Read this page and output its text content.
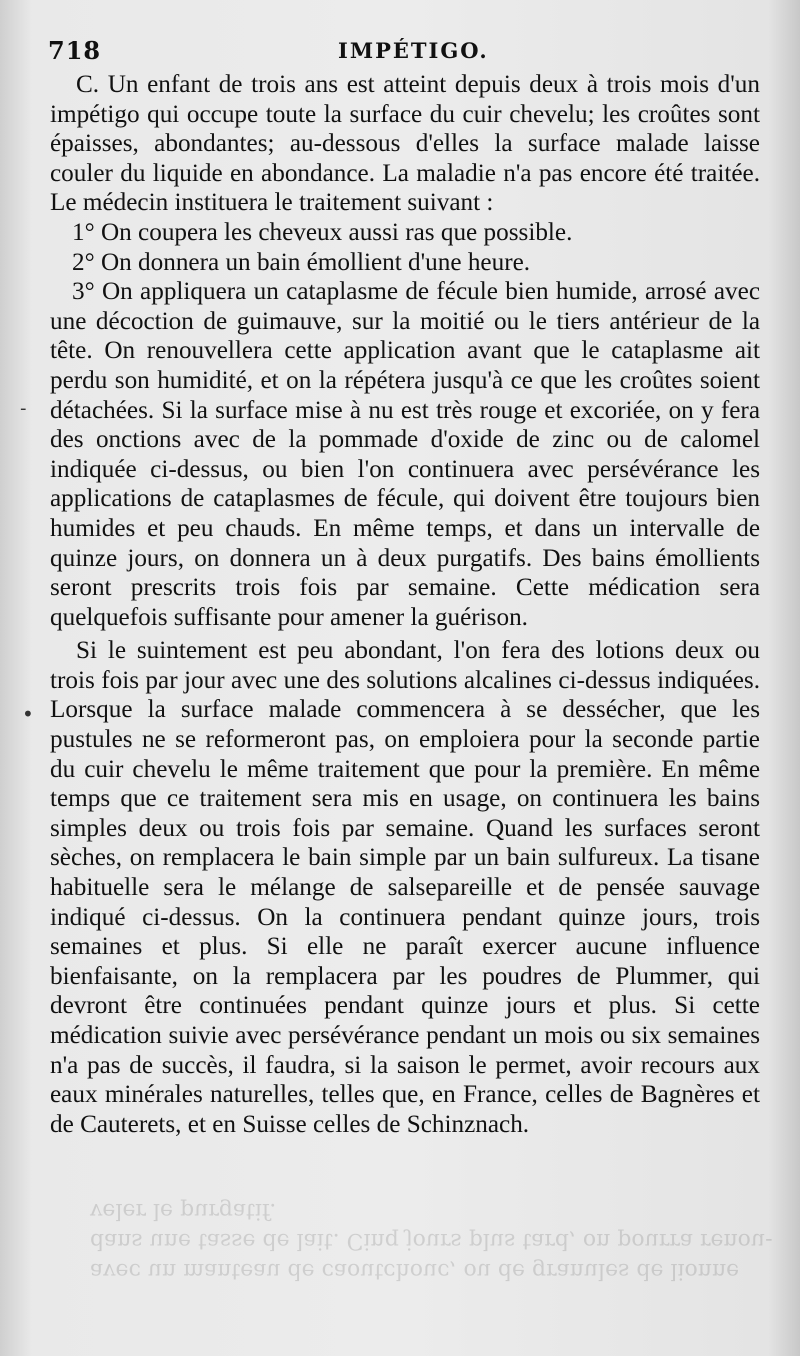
avec un manteau de caoutchouc, ou de granules de lionne
dans une tasse de lait. Cinq jours plus tard, on pourra renou-
veler le purgatif.
718	IMPÉTIGO.
-
•

C. Un enfant de trois ans est atteint depuis deux à trois mois d'un impétigo qui occupe toute la surface du cuir chevelu; les croûtes sont épaisses, abondantes; au-dessous d'elles la surface malade laisse couler du liquide en abondance. La maladie n'a pas encore été traitée. Le médecin instituera le traitement suivant :

1° On coupera les cheveux aussi ras que possible.

2° On donnera un bain émollient d'une heure.

3° On appliquera un cataplasme de fécule bien humide, arrosé avec une décoction de guimauve, sur la moitié ou le tiers antérieur de la tête. On renouvellera cette application avant que le cataplasme ait perdu son humidité, et on la répétera jusqu'à ce que les croûtes soient détachées. Si la surface mise à nu est très rouge et excoriée, on y fera des onctions avec de la pommade d'oxide de zinc ou de calomel indiquée ci-dessus, ou bien l'on continuera avec persévérance les applications de cataplasmes de fécule, qui doivent être toujours bien humides et peu chauds. En même temps, et dans un intervalle de quinze jours, on donnera un à deux purgatifs. Des bains émollients seront prescrits trois fois par semaine. Cette médication sera quelquefois suffisante pour amener la guérison.

Si le suintement est peu abondant, l'on fera des lotions deux ou trois fois par jour avec une des solutions alcalines ci-dessus indiquées. Lorsque la surface malade commencera à se dessécher, que les pustules ne se reformeront pas, on emploiera pour la seconde partie du cuir chevelu le même traitement que pour la première. En même temps que ce traitement sera mis en usage, on continuera les bains simples deux ou trois fois par semaine. Quand les surfaces seront sèches, on remplacera le bain simple par un bain sulfureux. La tisane habituelle sera le mélange de salsepareille et de pensée sauvage indiqué ci-dessus. On la continuera pendant quinze jours, trois semaines et plus. Si elle ne paraît exercer aucune influence bienfaisante, on la remplacera par les poudres de Plummer, qui devront être continuées pendant quinze jours et plus. Si cette médication suivie avec persévérance pendant un mois ou six semaines n'a pas de succès, il faudra, si la saison le permet, avoir recours aux eaux minérales naturelles, telles que, en France, celles de Bagnères et de Cauterets, et en Suisse celles de Schinznach.
